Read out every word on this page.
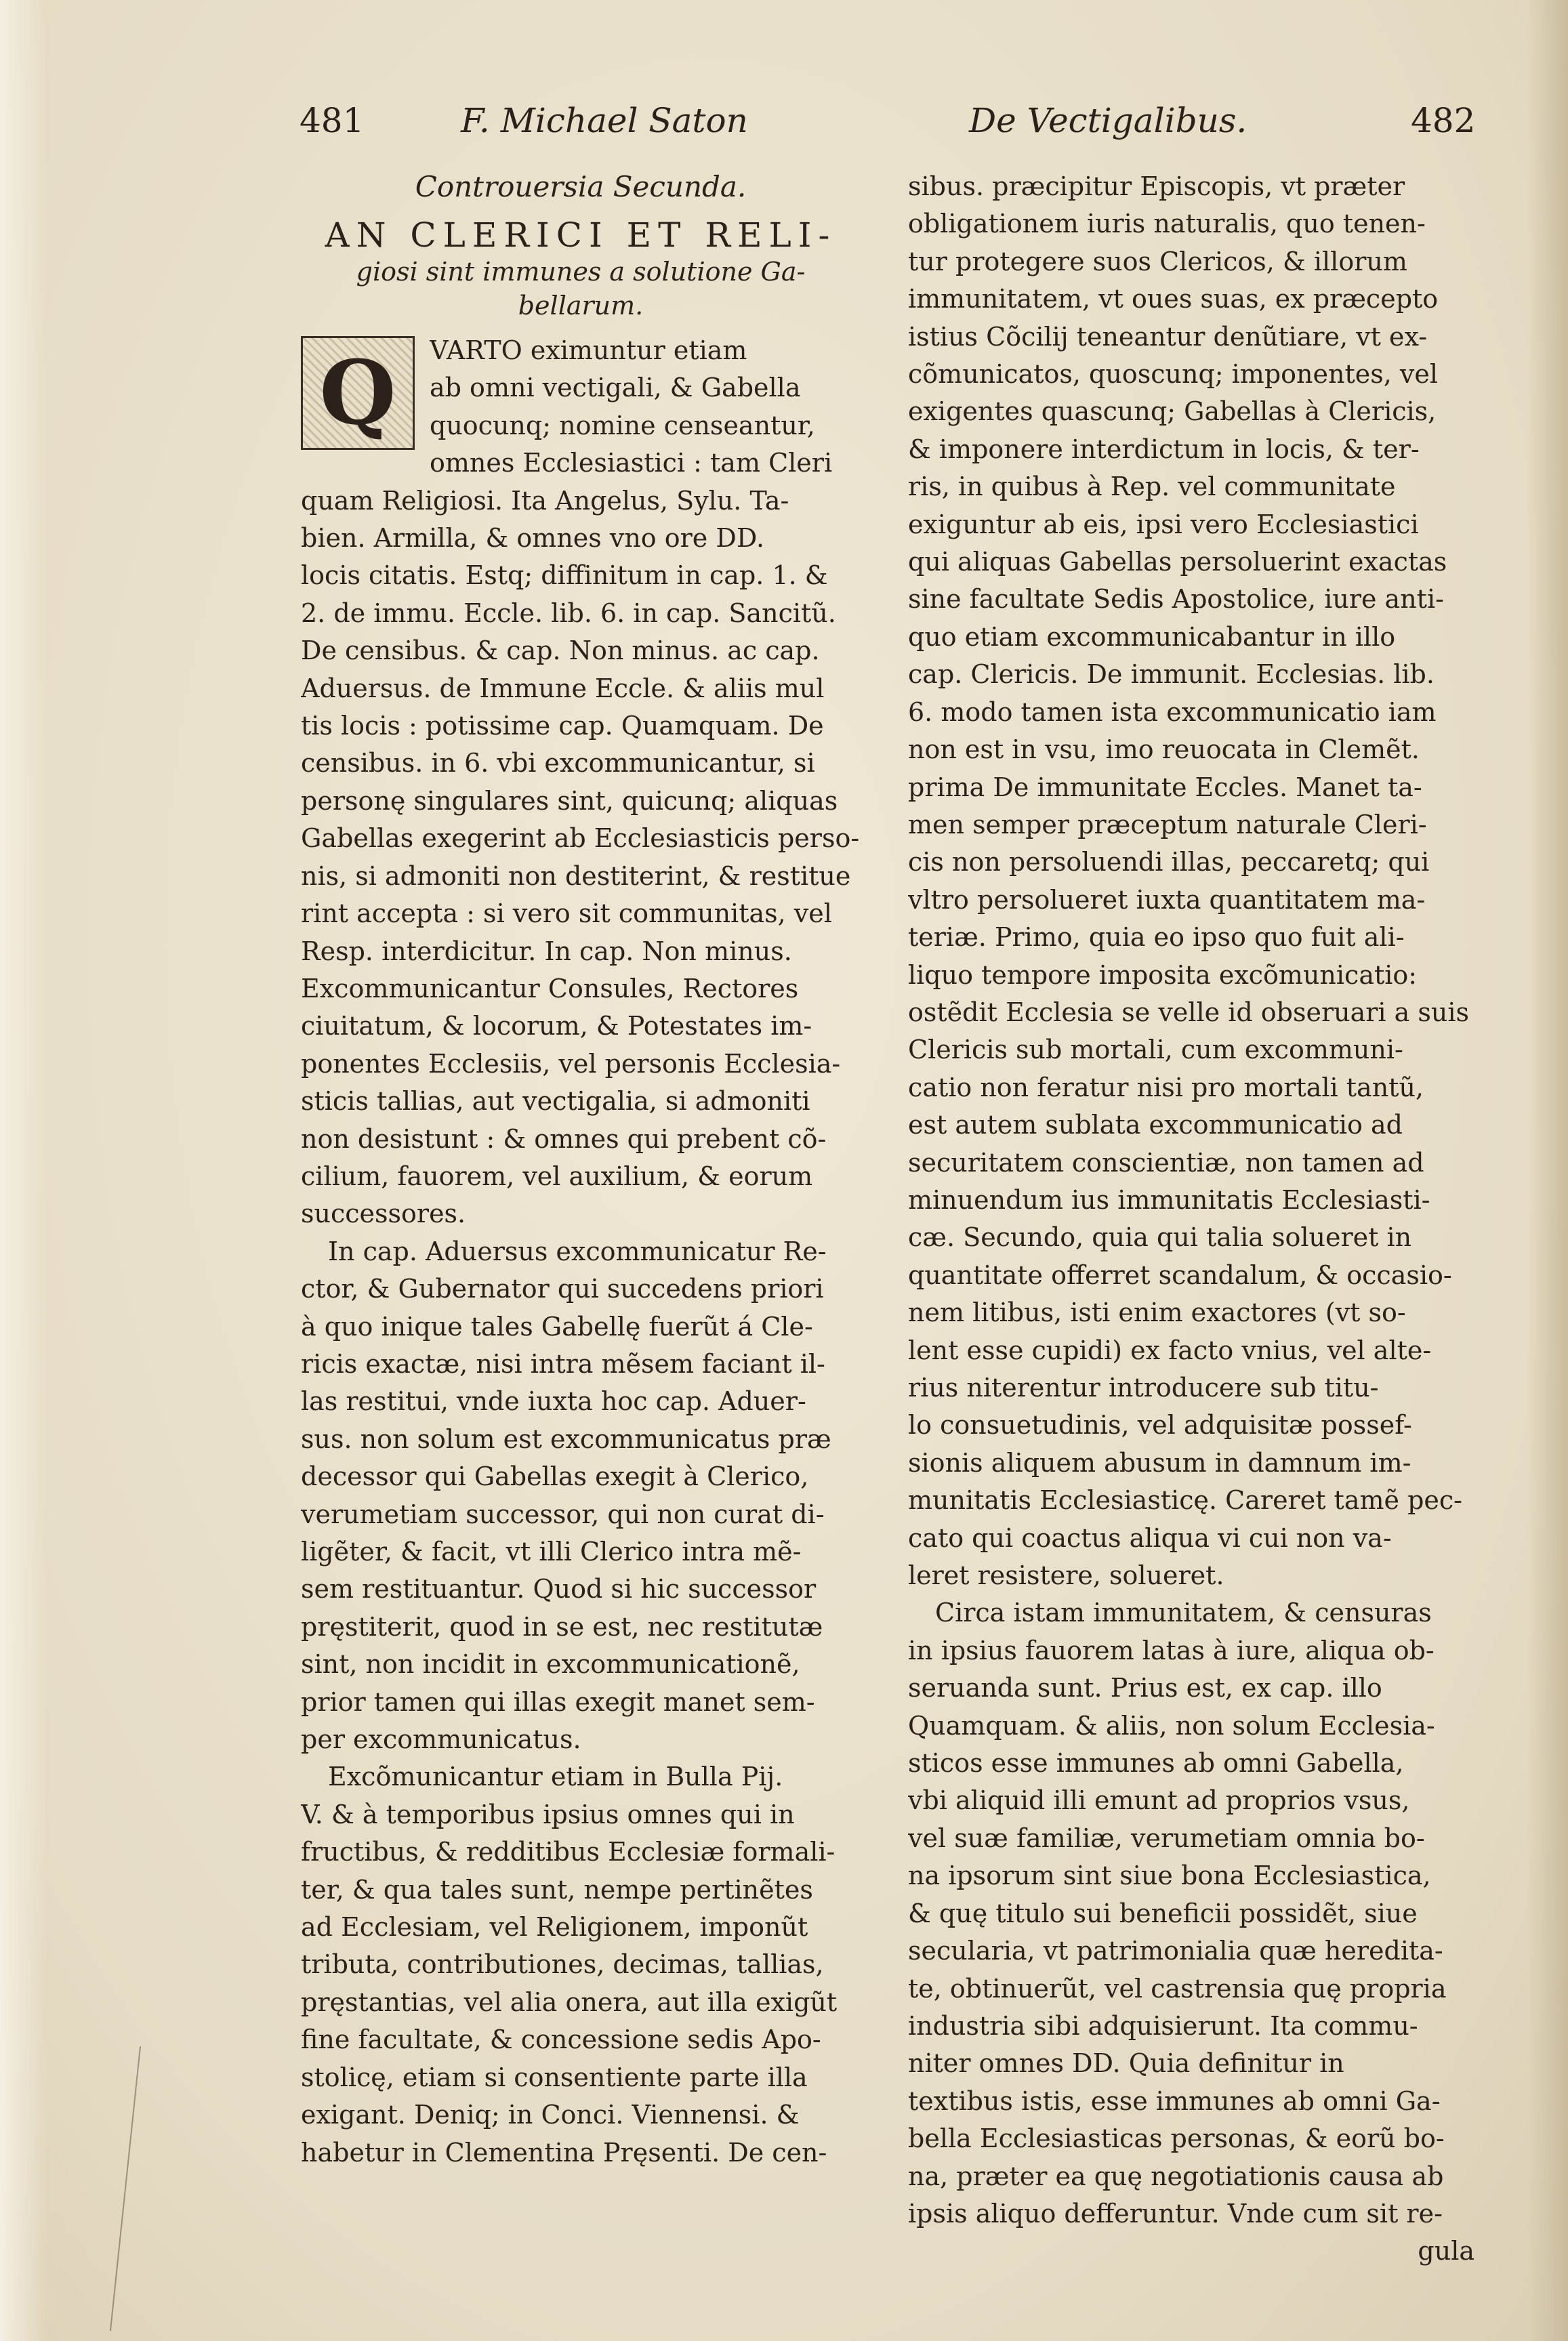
481	F. Michael Saton	De Vectigalibus.	482
Controuersia Secunda.
AN CLERICI ET RELI-
giosi sint immunes a solutione Ga-
bellarum.
Q	VARTO eximuntur etiam
ab omni vectigali, & Gabella
quocunq; nomine censeantur,
omnes Ecclesiastici : tam Cleri
quam Religiosi. Ita Angelus, Sylu. Ta-
bien. Armilla, & omnes vno ore DD.
locis citatis. Estq; diffinitum in cap. 1. &
2. de immu. Eccle. lib. 6. in cap. Sancitũ.
De censibus. & cap. Non minus. ac cap.
Aduersus. de Immune Eccle. & aliis mul
tis locis : potissime cap. Quamquam. De
censibus. in 6. vbi excommunicantur, si
personę singulares sint, quicunq; aliquas
Gabellas exegerint ab Ecclesiasticis perso-
nis, si admoniti non destiterint, & restitue
rint accepta : si vero sit communitas, vel
Resp. interdicitur. In cap. Non minus.
Excommunicantur Consules, Rectores
ciuitatum, & locorum, & Potestates im-
ponentes Ecclesiis, vel personis Ecclesia-
sticis tallias, aut vectigalia, si admoniti
non desistunt : & omnes qui prebent cõ-
cilium, fauorem, vel auxilium, & eorum
successores.
In cap. Aduersus excommunicatur Re-
ctor, & Gubernator qui succedens priori
à quo inique tales Gabellę fuerũt á Cle-
ricis exactæ, nisi intra mẽsem faciant il-
las restitui, vnde iuxta hoc cap. Aduer-
sus. non solum est excommunicatus præ
decessor qui Gabellas exegit à Clerico,
verumetiam successor, qui non curat di-
ligẽter, & facit, vt illi Clerico intra mẽ-
sem restituantur. Quod si hic successor
pręstiterit, quod in se est, nec restitutæ
sint, non incidit in excommunicationẽ,
prior tamen qui illas exegit manet sem-
per excommunicatus.
Excõmunicantur etiam in Bulla Pij.
V. & à temporibus ipsius omnes qui in
fructibus, & redditibus Ecclesiæ formali-
ter, & qua tales sunt, nempe pertinẽtes
ad Ecclesiam, vel Religionem, imponũt
tributa, contributiones, decimas, tallias,
pręstantias, vel alia onera, aut illa exigũt
fine facultate, & concessione sedis Apo-
stolicę, etiam si consentiente parte illa
exigant. Deniq; in Conci. Viennensi. &
habetur in Clementina Pręsenti. De cen-
sibus. præcipitur Episcopis, vt præter
obligationem iuris naturalis, quo tenen-
tur protegere suos Clericos, & illorum
immunitatem, vt oues suas, ex præcepto
istius Cõcilij teneantur denũtiare, vt ex-
cõmunicatos, quoscunq; imponentes, vel
exigentes quascunq; Gabellas à Clericis,
& imponere interdictum in locis, & ter-
ris, in quibus à Rep. vel communitate
exiguntur ab eis, ipsi vero Ecclesiastici
qui aliquas Gabellas persoluerint exactas
sine facultate Sedis Apostolice, iure anti-
quo etiam excommunicabantur in illo
cap. Clericis. De immunit. Ecclesias. lib.
6. modo tamen ista excommunicatio iam
non est in vsu, imo reuocata in Clemẽt.
prima De immunitate Eccles. Manet ta-
men semper præceptum naturale Cleri-
cis non persoluendi illas, peccaretq; qui
vltro persolueret iuxta quantitatem ma-
teriæ. Primo, quia eo ipso quo fuit ali-
liquo tempore imposita excõmunicatio:
ostẽdit Ecclesia se velle id obseruari a suis
Clericis sub mortali, cum excommuni-
catio non feratur nisi pro mortali tantũ,
est autem sublata excommunicatio ad
securitatem conscientiæ, non tamen ad
minuendum ius immunitatis Ecclesiasti-
cæ. Secundo, quia qui talia solueret in
quantitate offerret scandalum, & occasio-
nem litibus, isti enim exactores (vt so-
lent esse cupidi) ex facto vnius, vel alte-
rius niterentur introducere sub titu-
lo consuetudinis, vel adquisitæ possef-
sionis aliquem abusum in damnum im-
munitatis Ecclesiasticę. Careret tamẽ pec-
cato qui coactus aliqua vi cui non va-
leret resistere, solueret.
Circa istam immunitatem, & censuras
in ipsius fauorem latas à iure, aliqua ob-
seruanda sunt. Prius est, ex cap. illo
Quamquam. & aliis, non solum Ecclesia-
sticos esse immunes ab omni Gabella,
vbi aliquid illi emunt ad proprios vsus,
vel suæ familiæ, verumetiam omnia bo-
na ipsorum sint siue bona Ecclesiastica,
& quę titulo sui beneficii possidẽt, siue
secularia, vt patrimonialia quæ heredita-
te, obtinuerũt, vel castrensia quę propria
industria sibi adquisierunt. Ita commu-
niter omnes DD. Quia definitur in
textibus istis, esse immunes ab omni Ga-
bella Ecclesiasticas personas, & eorũ bo-
na, præter ea quę negotiationis causa ab
ipsis aliquo defferuntur. Vnde cum sit re-
gula
